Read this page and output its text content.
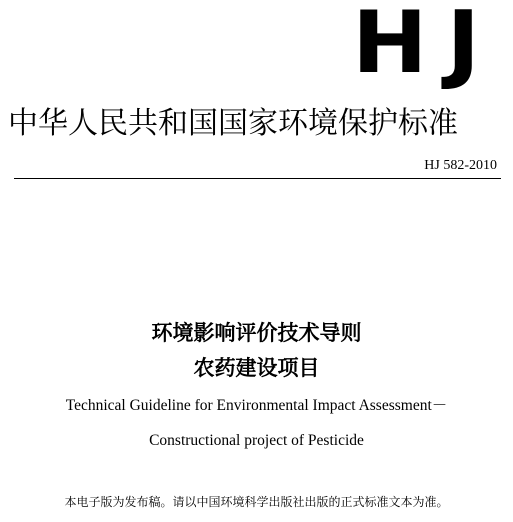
HJ
中华人民共和国国家环境保护标准
HJ 582-2010
环境影响评价技术导则
农药建设项目
Technical Guideline for Environmental Impact Assessment－
Constructional project of Pesticide
本电子版为发布稿。请以中国环境科学出版社出版的正式标准文本为准。
